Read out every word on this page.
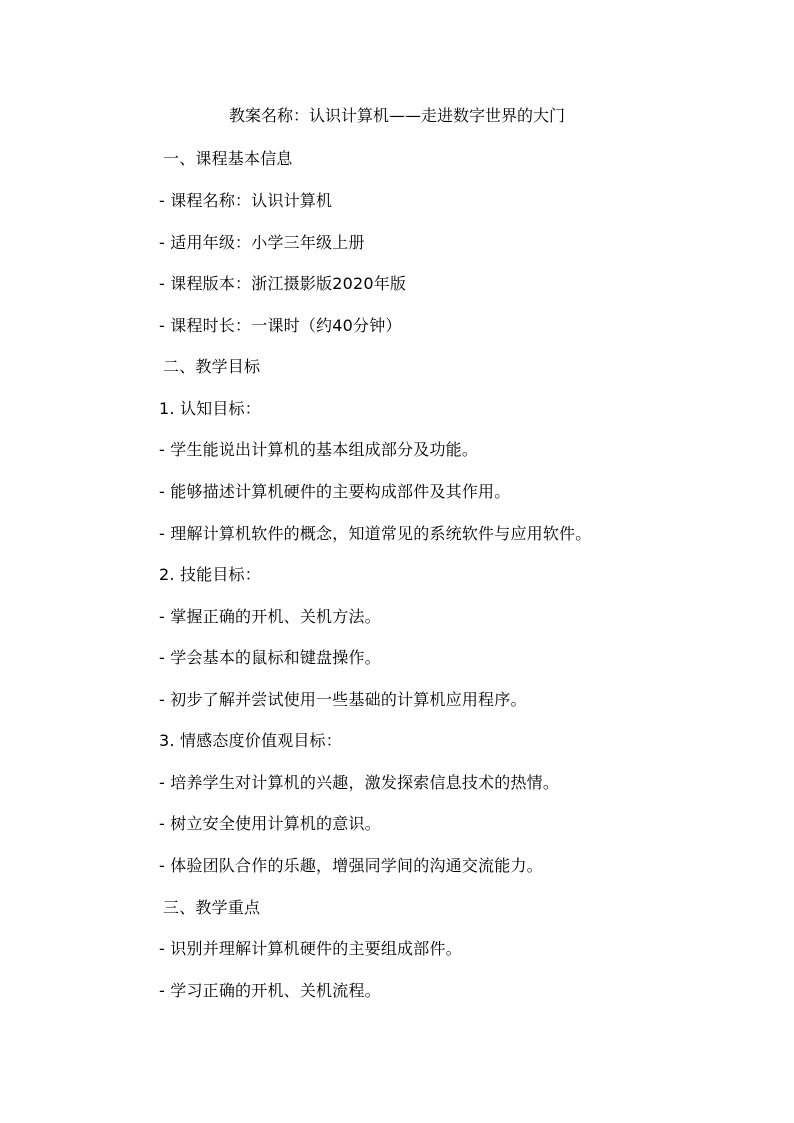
教案名称：认识计算机——走进数字世界的大门
一、课程基本信息
- 课程名称：认识计算机
- 适用年级：小学三年级上册
- 课程版本：浙江摄影版2020年版
- 课程时长：一课时（约40分钟）
二、教学目标
1. 认知目标：
- 学生能说出计算机的基本组成部分及功能。
- 能够描述计算机硬件的主要构成部件及其作用。
- 理解计算机软件的概念，知道常见的系统软件与应用软件。
2. 技能目标：
- 掌握正确的开机、关机方法。
- 学会基本的鼠标和键盘操作。
- 初步了解并尝试使用一些基础的计算机应用程序。
3. 情感态度价值观目标：
- 培养学生对计算机的兴趣，激发探索信息技术的热情。
- 树立安全使用计算机的意识。
- 体验团队合作的乐趣，增强同学间的沟通交流能力。
三、教学重点
- 识别并理解计算机硬件的主要组成部件。
- 学习正确的开机、关机流程。
